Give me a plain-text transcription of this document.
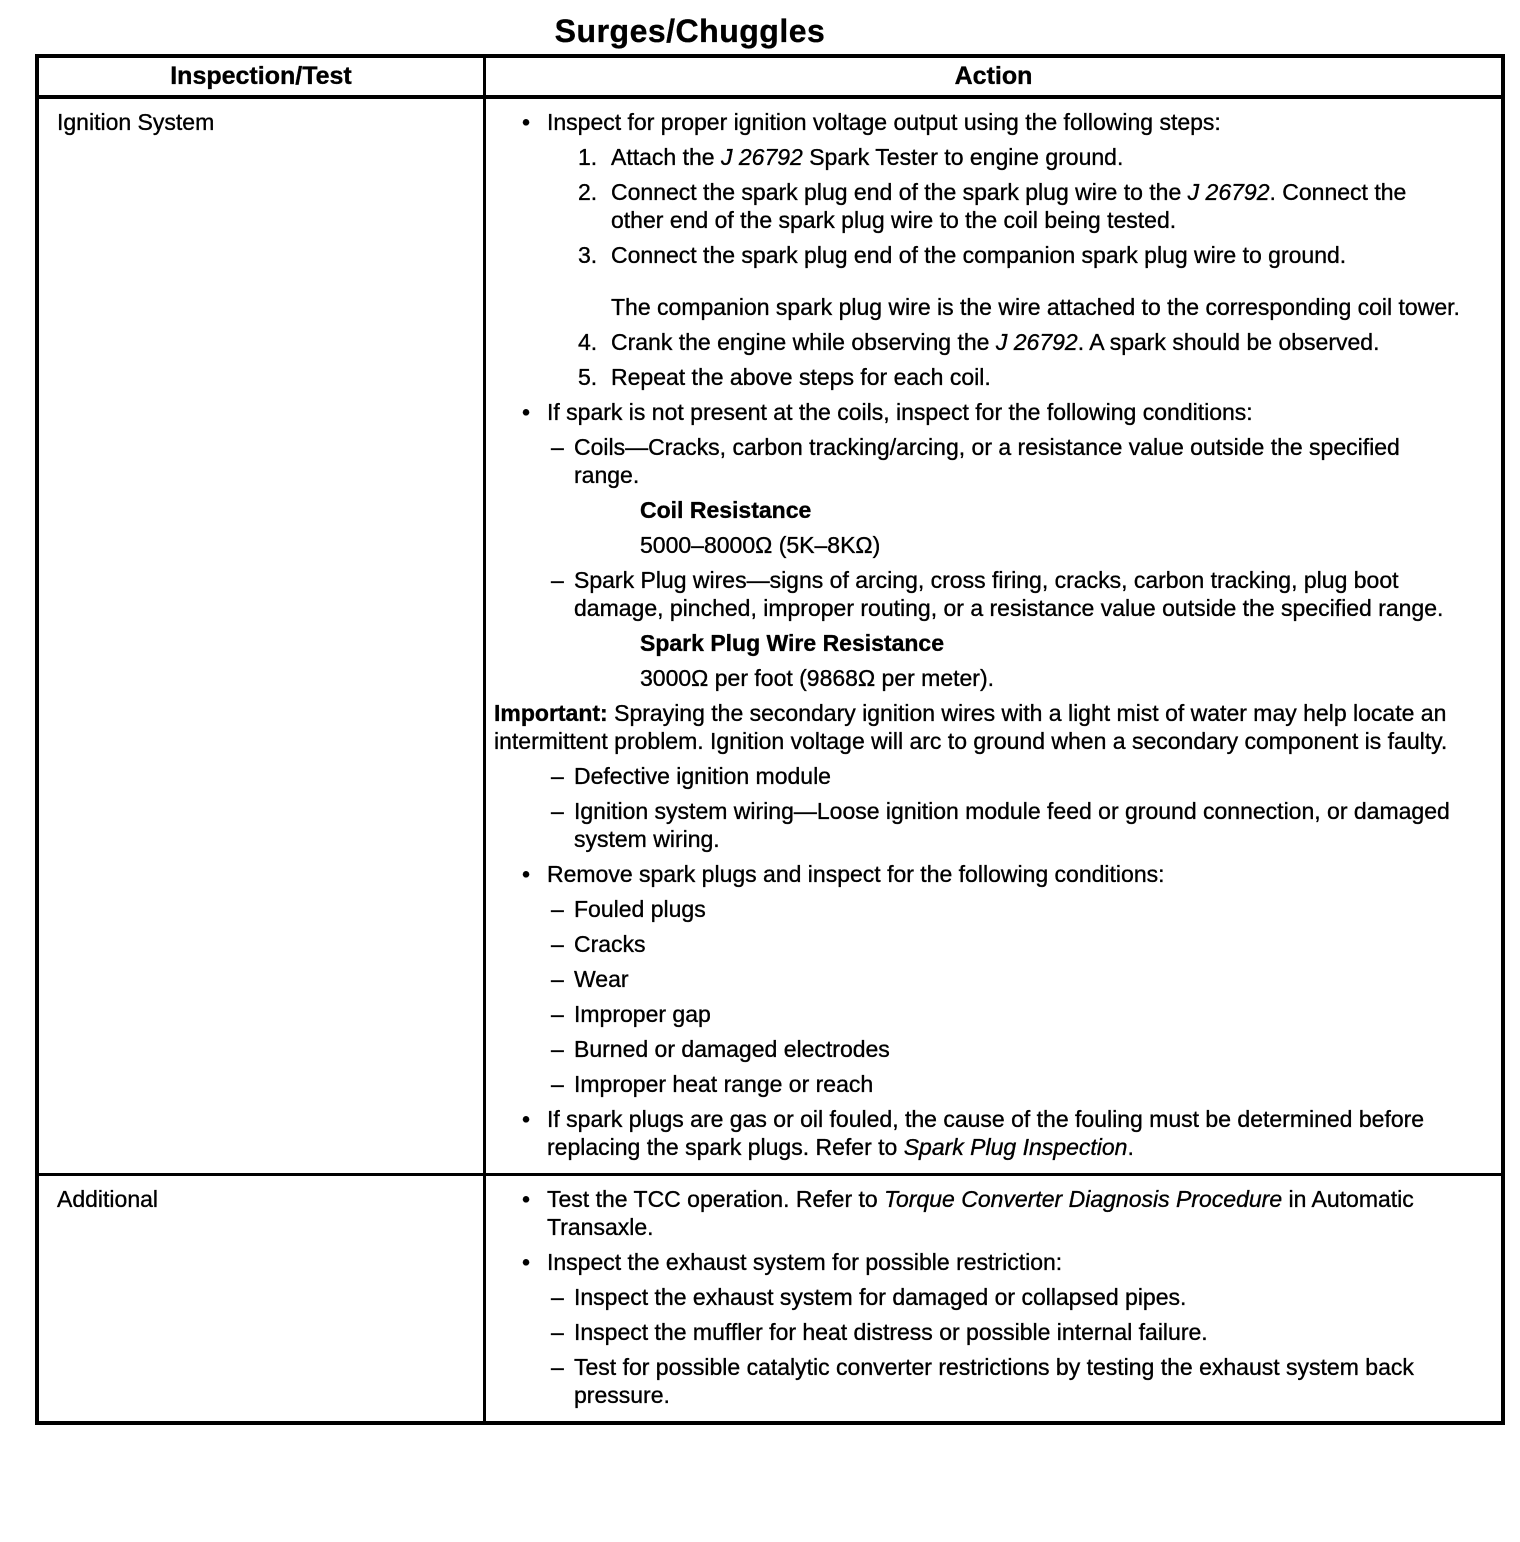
Surges/Chuggles
Inspection/Test	Action
Ignition System	• Inspect for proper ignition voltage output using the following steps:
1. Attach the J 26792 Spark Tester to engine ground.
2. Connect the spark plug end of the spark plug wire to the J 26792. Connect the other end of the spark plug wire to the coil being tested.
3. Connect the spark plug end of the companion spark plug wire to ground.
The companion spark plug wire is the wire attached to the corresponding coil tower.
4. Crank the engine while observing the J 26792. A spark should be observed.
5. Repeat the above steps for each coil.
• If spark is not present at the coils, inspect for the following conditions:
– Coils—Cracks, carbon tracking/arcing, or a resistance value outside the specified range.
Coil Resistance
5000–8000Ω (5K–8KΩ)
– Spark Plug wires—signs of arcing, cross firing, cracks, carbon tracking, plug boot damage, pinched, improper routing, or a resistance value outside the specified range.
Spark Plug Wire Resistance
3000Ω per foot (9868Ω per meter).
Important: Spraying the secondary ignition wires with a light mist of water may help locate an intermittent problem. Ignition voltage will arc to ground when a secondary component is faulty.
– Defective ignition module
– Ignition system wiring—Loose ignition module feed or ground connection, or damaged system wiring.
• Remove spark plugs and inspect for the following conditions:
– Fouled plugs
– Cracks
– Wear
– Improper gap
– Burned or damaged electrodes
– Improper heat range or reach
• If spark plugs are gas or oil fouled, the cause of the fouling must be determined before replacing the spark plugs. Refer to Spark Plug Inspection.

Additional	• Test the TCC operation. Refer to Torque Converter Diagnosis Procedure in Automatic Transaxle.
• Inspect the exhaust system for possible restriction:
– Inspect the exhaust system for damaged or collapsed pipes.
– Inspect the muffler for heat distress or possible internal failure.
– Test for possible catalytic converter restrictions by testing the exhaust system back pressure.
